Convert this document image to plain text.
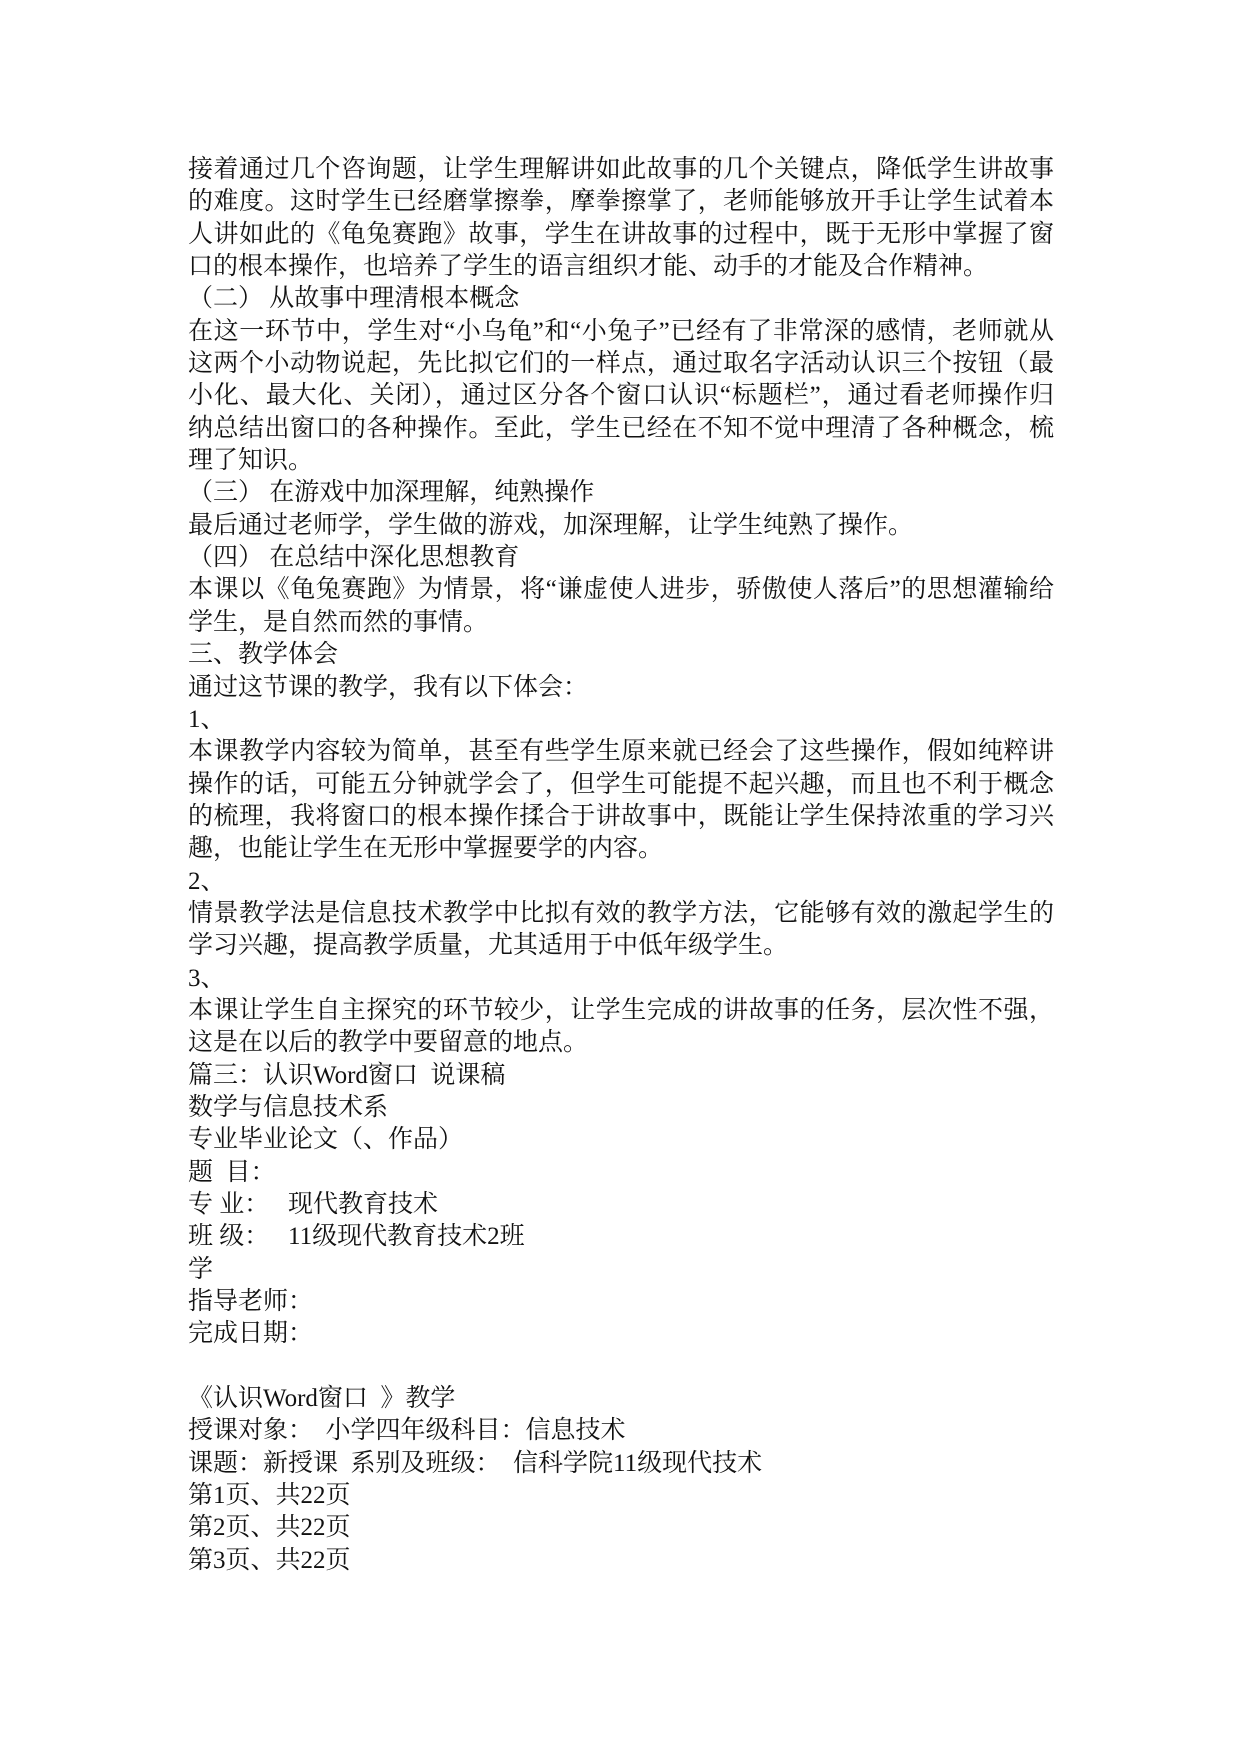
接着通过几个咨询题，让学生理解讲如此故事的几个关键点，降低学生讲故事
的难度。这时学生已经磨掌擦拳，摩拳擦掌了，老师能够放开手让学生试着本
人讲如此的《龟兔赛跑》故事，学生在讲故事的过程中，既于无形中掌握了窗
口的根本操作，也培养了学生的语言组织才能、动手的才能及合作精神。
（二） 从故事中理清根本概念
在这一环节中，学生对“小乌龟”和“小兔子”已经有了非常深的感情，老师就从
这两个小动物说起，先比拟它们的一样点，通过取名字活动认识三个按钮（最
小化、最大化、关闭），通过区分各个窗口认识“标题栏”，通过看老师操作归
纳总结出窗口的各种操作。至此，学生已经在不知不觉中理清了各种概念，梳
理了知识。
（三） 在游戏中加深理解，纯熟操作
最后通过老师学，学生做的游戏，加深理解，让学生纯熟了操作。
（四） 在总结中深化思想教育
本课以《龟兔赛跑》为情景，将“谦虚使人进步，骄傲使人落后”的思想灌输给
学生，是自然而然的事情。
三、教学体会
通过这节课的教学，我有以下体会：
1、
本课教学内容较为简单，甚至有些学生原来就已经会了这些操作，假如纯粹讲
操作的话，可能五分钟就学会了，但学生可能提不起兴趣，而且也不利于概念
的梳理，我将窗口的根本操作揉合于讲故事中，既能让学生保持浓重的学习兴
趣，也能让学生在无形中掌握要学的内容。
2、
情景教学法是信息技术教学中比拟有效的教学方法，它能够有效的激起学生的
学习兴趣，提高教学质量，尤其适用于中低年级学生。
3、
本课让学生自主探究的环节较少，让学生完成的讲故事的任务，层次性不强，
这是在以后的教学中要留意的地点。
篇三：认识Word窗口  说课稿
数学与信息技术系
专业毕业论文（、作品）
题  目：
专 业：   现代教育技术
班 级：   11级现代教育技术2班
学
指导老师：
完成日期：
《认识Word窗口  》教学
授课对象：  小学四年级科目：信息技术
课题：新授课  系别及班级：  信科学院11级现代技术
第1页、共22页
第2页、共22页
第3页、共22页
